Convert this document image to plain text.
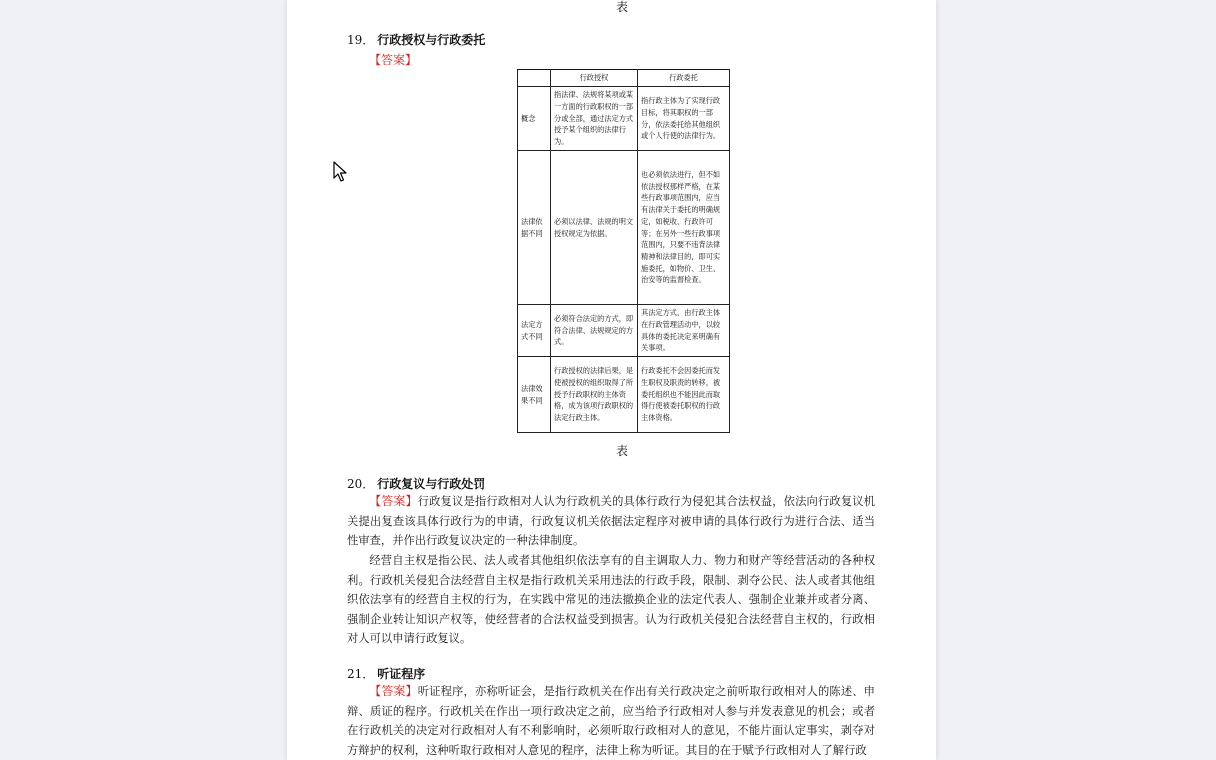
表
19． 行政授权与行政委托
【答案】
	行政授权	行政委托
概念	指法律、法规将某项或某一方面的行政职权的一部分或全部，通过法定方式授予某个组织的法律行为。	指行政主体为了实现行政目标，将其职权的一部分，依法委托给其他组织或个人行使的法律行为。
法律依据不同	必须以法律、法规的明文授权规定为依据。	也必须依法进行，但不如依法授权那样严格，在某些行政事项范围内，应当有法律关于委托的明确规定，如税收、行政许可等；在另外一些行政事项范围内，只要不违背法律精神和法律目的，即可实施委托，如物价、卫生、治安等的监督检查。
法定方式不同	必须符合法定的方式，即符合法律、法规规定的方式。	其法定方式，由行政主体在行政管理活动中，以较具体的委托决定来明确有关事项。
法律效果不同	行政授权的法律后果，是使被授权的组织取得了所授予行政职权的主体资格，成为该项行政职权的法定行政主体。	行政委托不会因委托而发生职权及职责的转移，被委托组织也不能因此而取得行使被委托职权的行政主体资格。
表
20． 行政复议与行政处罚

【答案】行政复议是指行政相对人认为行政机关的具体行政行为侵犯其合法权益，依法向行政复议机关提出复查该具体行政行为的申请，行政复议机关依据法定程序对被申请的具体行政行为进行合法、适当性审查，并作出行政复议决定的一种法律制度。

经营自主权是指公民、法人或者其他组织依法享有的自主调取人力、物力和财产等经营活动的各种权利。行政机关侵犯合法经营自主权是指行政机关采用违法的行政手段，限制、剥夺公民、法人或者其他组织依法享有的经营自主权的行为，在实践中常见的违法撤换企业的法定代表人、强制企业兼并或者分离、强制企业转让知识产权等，使经营者的合法权益受到损害。认为行政机关侵犯合法经营自主权的，行政相对人可以申请行政复议。

21． 听证程序

【答案】听证程序，亦称听证会，是指行政机关在作出有关行政决定之前听取行政相对人的陈述、申辩、质证的程序。行政机关在作出一项行政决定之前，应当给予行政相对人参与并发表意见的机会；或者在行政机关的决定对行政相对人有不利影响时，必须听取行政相对人的意见，不能片面认定事实，剥夺对方辩护的权利，这种听取行政相对人意见的程序，法律上称为听证。其目的在于赋予行政相对人了解行政
